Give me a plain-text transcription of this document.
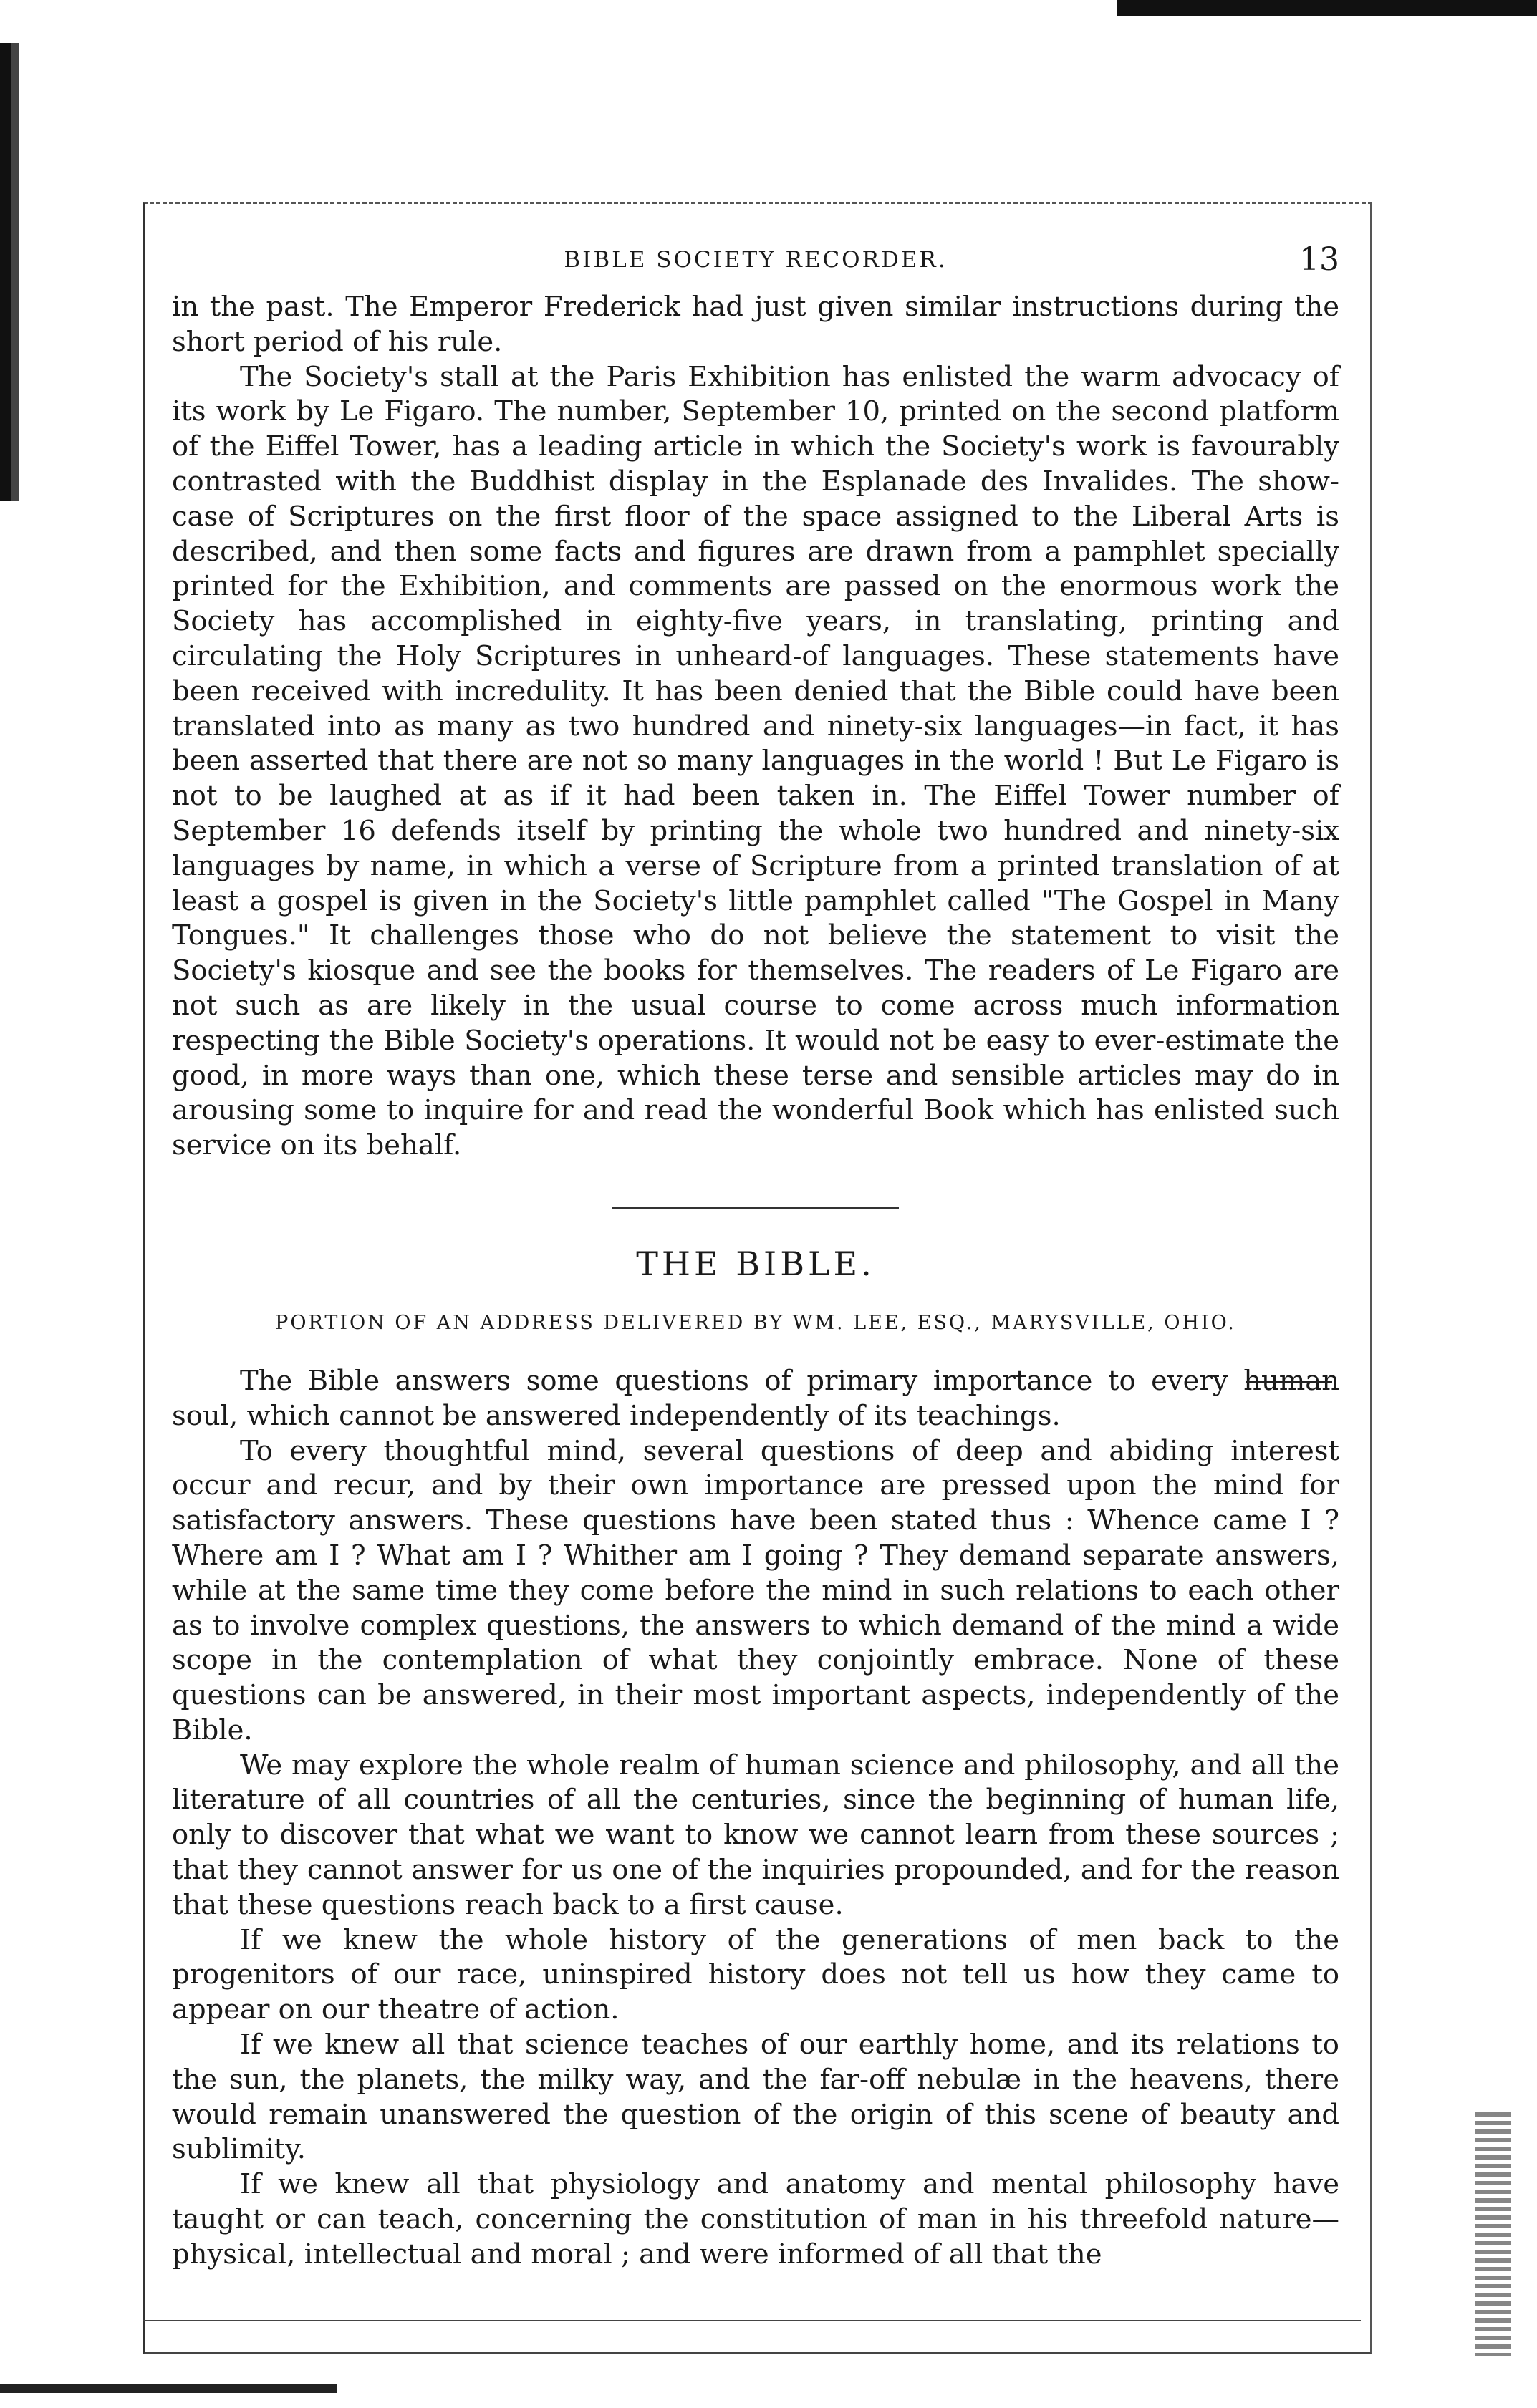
BIBLE SOCIETY RECORDER.	13

in the past. The Emperor Frederick had just given similar instructions during the short period of his rule.

The Society's stall at the Paris Exhibition has enlisted the warm advocacy of its work by Le Figaro. The number, September 10, printed on the second platform of the Eiffel Tower, has a leading article in which the Society's work is favourably contrasted with the Buddhist display in the Esplanade des Invalides. The show-case of Scriptures on the first floor of the space assigned to the Liberal Arts is described, and then some facts and figures are drawn from a pamphlet specially printed for the Exhibition, and comments are passed on the enormous work the Society has accomplished in eighty-five years, in translating, printing and circulating the Holy Scriptures in unheard-of languages. These statements have been received with incredulity. It has been denied that the Bible could have been translated into as many as two hundred and ninety-six languages—in fact, it has been asserted that there are not so many languages in the world ! But Le Figaro is not to be laughed at as if it had been taken in. The Eiffel Tower number of September 16 defends itself by printing the whole two hundred and ninety-six languages by name, in which a verse of Scripture from a printed translation of at least a gospel is given in the Society's little pamphlet called "The Gospel in Many Tongues." It challenges those who do not believe the statement to visit the Society's kiosque and see the books for themselves. The readers of Le Figaro are not such as are likely in the usual course to come across much information respecting the Bible Society's operations. It would not be easy to ever-estimate the good, in more ways than one, which these terse and sensible articles may do in arousing some to inquire for and read the wonderful Book which has enlisted such service on its behalf.

THE BIBLE.
PORTION OF AN ADDRESS DELIVERED BY WM. LEE, ESQ., MARYSVILLE, OHIO.

The Bible answers some questions of primary importance to every human soul, which cannot be answered independently of its teachings.

To every thoughtful mind, several questions of deep and abiding interest occur and recur, and by their own importance are pressed upon the mind for satisfactory answers. These questions have been stated thus : Whence came I ? Where am I ? What am I ? Whither am I going ? They demand separate answers, while at the same time they come before the mind in such relations to each other as to involve complex questions, the answers to which demand of the mind a wide scope in the contemplation of what they conjointly embrace. None of these questions can be answered, in their most important aspects, independently of the Bible.

We may explore the whole realm of human science and philosophy, and all the literature of all countries of all the centuries, since the beginning of human life, only to discover that what we want to know we cannot learn from these sources ; that they cannot answer for us one of the inquiries propounded, and for the reason that these questions reach back to a first cause.

If we knew the whole history of the generations of men back to the progenitors of our race, uninspired history does not tell us how they came to appear on our theatre of action.

If we knew all that science teaches of our earthly home, and its relations to the sun, the planets, the milky way, and the far-off nebulæ in the heavens, there would remain unanswered the question of the origin of this scene of beauty and sublimity.

If we knew all that physiology and anatomy and mental philosophy have taught or can teach, concerning the constitution of man in his threefold nature—physical, intellectual and moral ; and were informed of all that the
